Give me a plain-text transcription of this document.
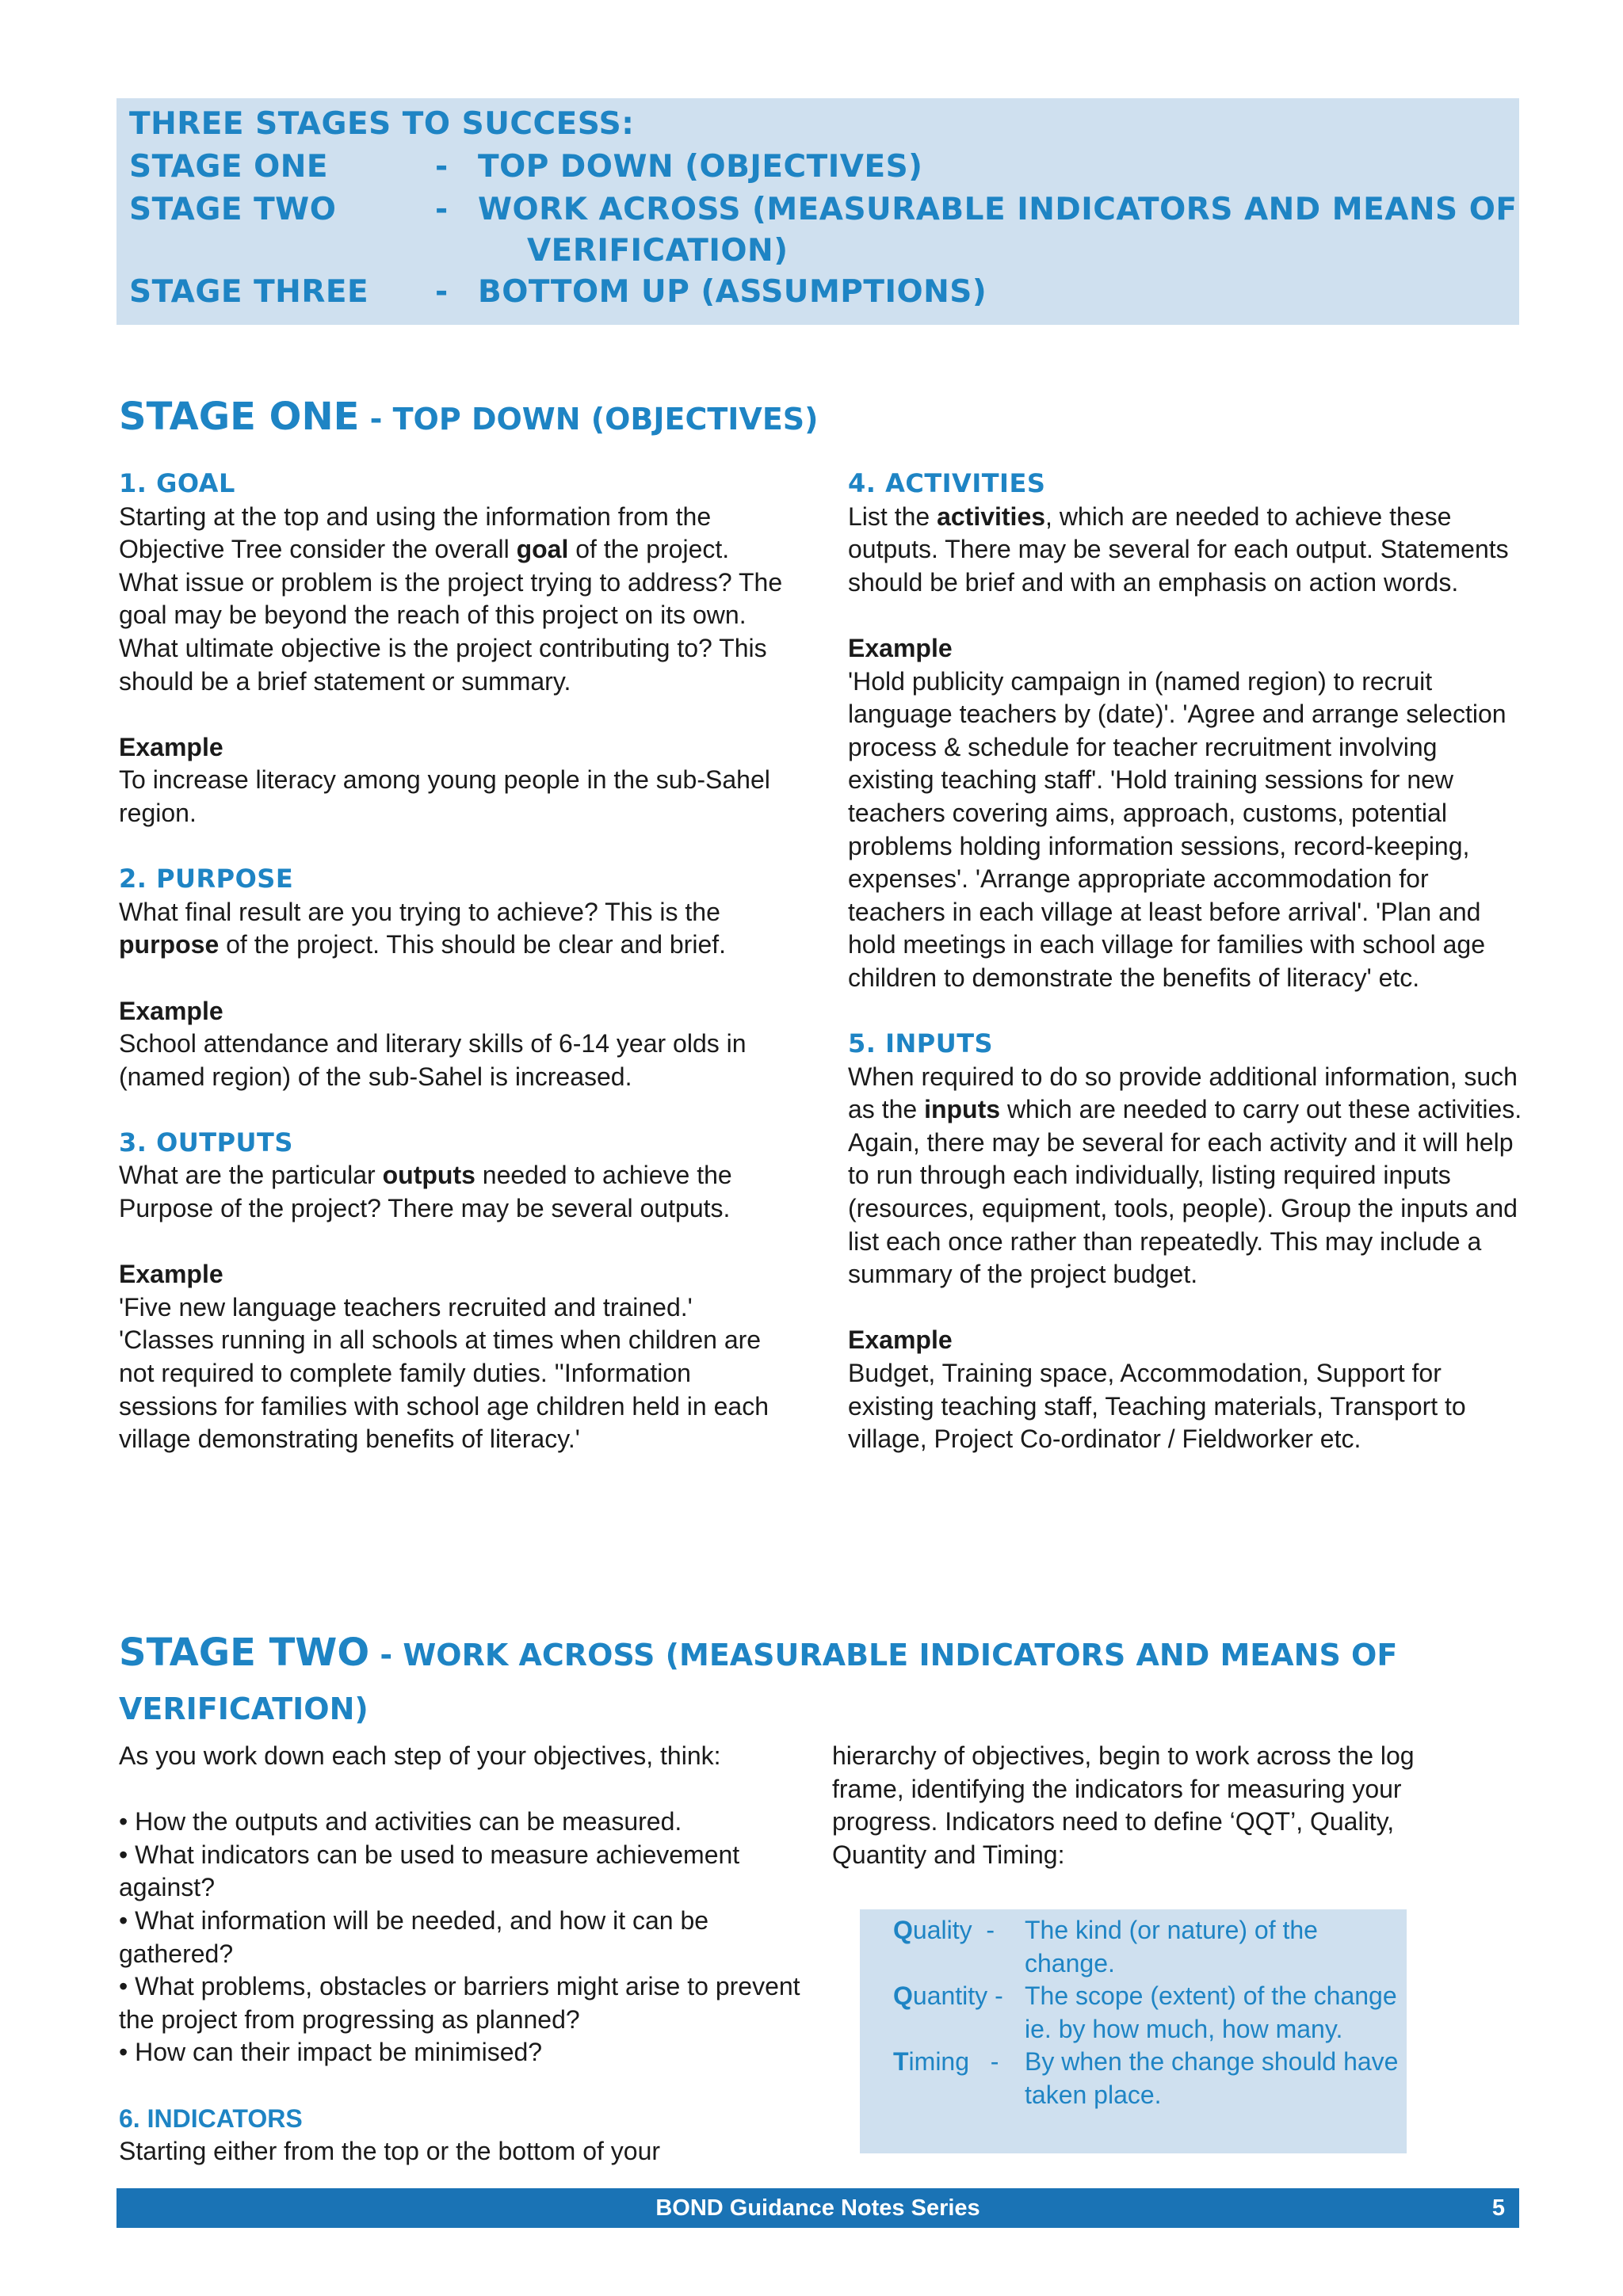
THREE STAGES TO SUCCESS:
STAGE ONE	- TOP DOWN (OBJECTIVES)
STAGE TWO	- WORK ACROSS (MEASURABLE INDICATORS AND MEANS OF
VERIFICATION)
STAGE THREE - BOTTOM UP (ASSUMPTIONS)
STAGE ONE - TOP DOWN (OBJECTIVES)
1. GOAL

Starting at the top and using the information from the Objective Tree consider the overall goal of the project. What issue or problem is the project trying to address? The goal may be beyond the reach of this project on its own. What ultimate objective is the project contributing to? This should be a brief statement or summary.

Example

To increase literacy among young people in the sub-Sahel region.

2. PURPOSE

What final result are you trying to achieve? This is the purpose of the project. This should be clear and brief.

Example

School attendance and literary skills of 6-14 year olds in (named region) of the sub-Sahel is increased.

3. OUTPUTS

What are the particular outputs needed to achieve the Purpose of the project? There may be several outputs.

Example

'Five new language teachers recruited and trained.' 'Classes running in all schools at times when children are not required to complete family duties. ''Information sessions for families with school age children held in each village demonstrating benefits of literacy.'

4. ACTIVITIES

List the activities, which are needed to achieve these outputs. There may be several for each output. Statements should be brief and with an emphasis on action words.

Example

'Hold publicity campaign in (named region) to recruit language teachers by (date)'. 'Agree and arrange selection process & schedule for teacher recruitment involving existing teaching staff'. 'Hold training sessions for new teachers covering aims, approach, customs, potential problems holding information sessions, record-keeping, expenses'. 'Arrange appropriate accommodation for teachers in each village at least before arrival'. 'Plan and hold meetings in each village for families with school age children to demonstrate the benefits of literacy' etc.

5. INPUTS

When required to do so provide additional information, such as the inputs which are needed to carry out these activities. Again, there may be several for each activity and it will help to run through each individually, listing required inputs (resources, equipment, tools, people). Group the inputs and list each once rather than repeatedly. This may include a summary of the project budget.

Example

Budget, Training space, Accommodation, Support for existing teaching staff, Teaching materials, Transport to village, Project Co-ordinator / Fieldworker etc.

STAGE TWO - WORK ACROSS (MEASURABLE INDICATORS AND MEANS OF VERIFICATION)

As you work down each step of your objectives, think:

• How the outputs and activities can be measured.

• What indicators can be used to measure achievement against?

• What information will be needed, and how it can be gathered?

• What problems, obstacles or barriers might arise to prevent the project from progressing as planned?

• How can their impact be minimised?

6. INDICATORS

Starting either from the top or the bottom of your

hierarchy of objectives, begin to work across the log frame, identifying the indicators for measuring your progress. Indicators need to define ‘QQT’, Quality, Quantity and Timing:

Quality  - The kind (or nature) of the change.
Quantity - The scope (extent) of the change ie. by how much, how many.
Timing   - By when the change should have taken place.
BOND Guidance Notes Series	5
